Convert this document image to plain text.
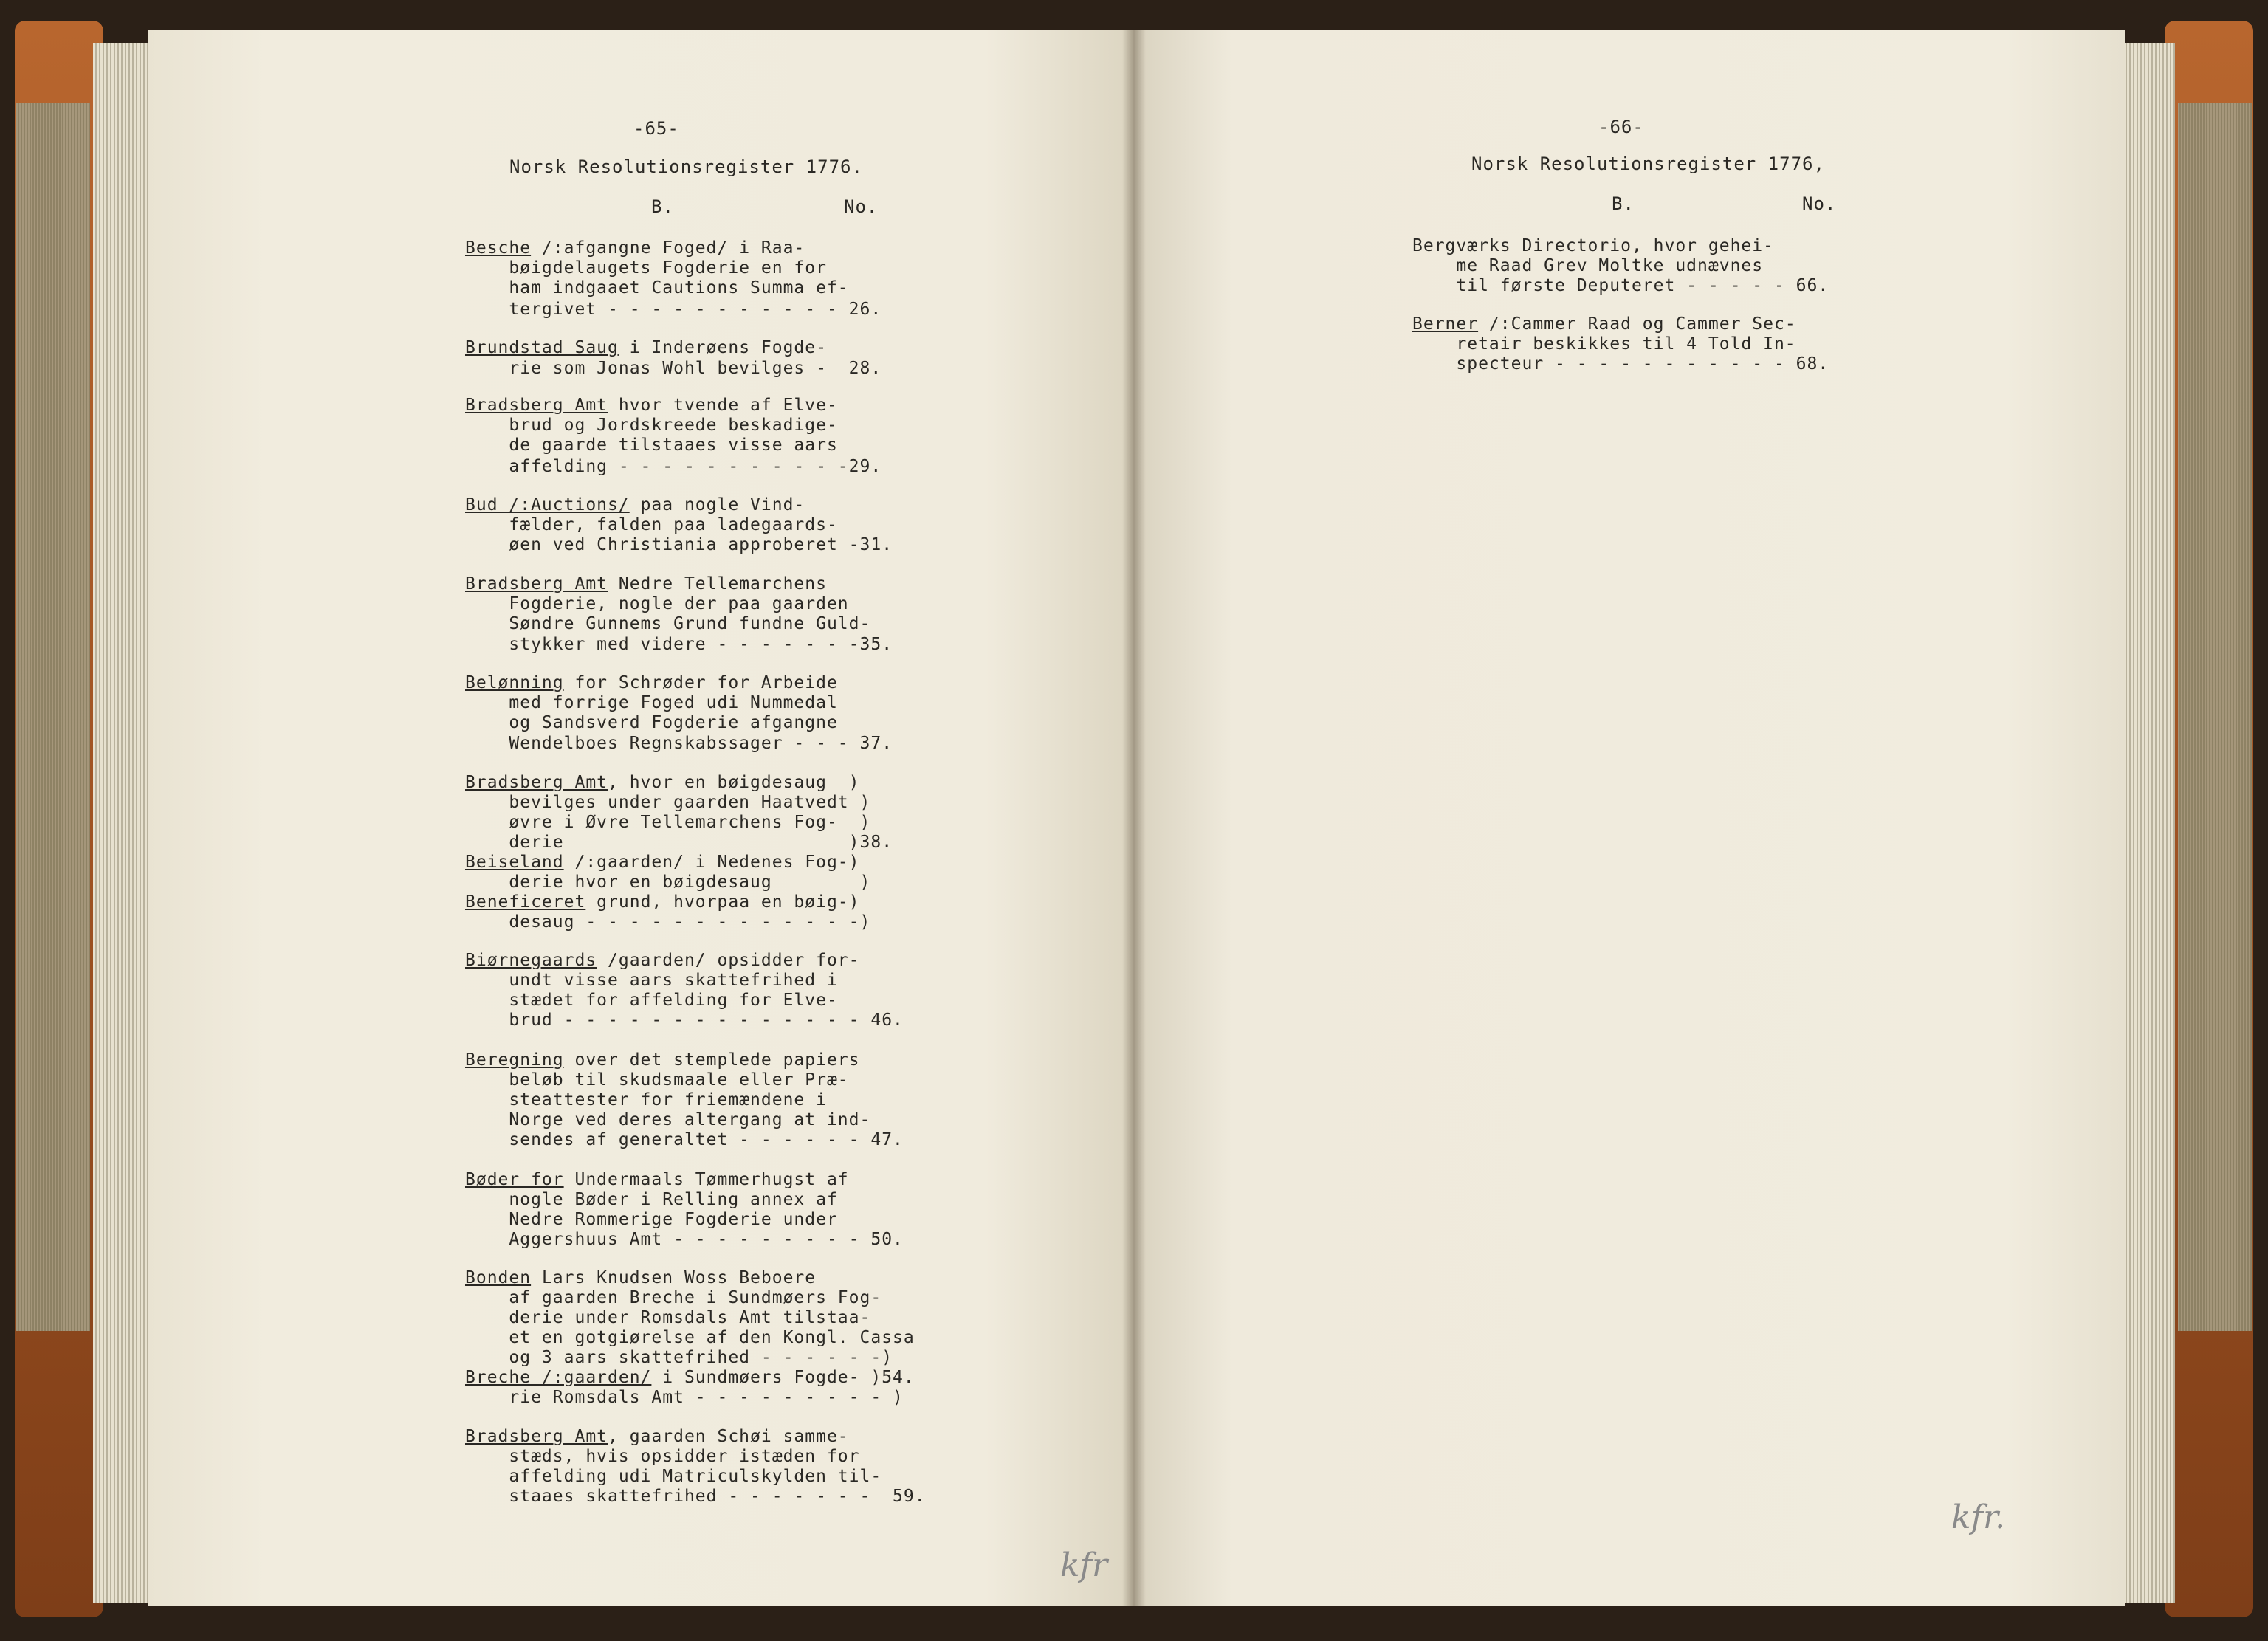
-65-
Norsk Resolutionsregister 1776.
B.	No.
kfr
Besche /:afgangne Foged/ i Raa-
bøigdelaugets Fogderie en for
ham indgaaet Cautions Summa ef-
tergivet - - - - - - - - - - - 26.
Brundstad Saug i Inderøens Fogde-
rie som Jonas Wohl bevilges -  28.
Bradsberg Amt hvor tvende af Elve-
brud og Jordskreede beskadige-
de gaarde tilstaaes visse aars
affelding - - - - - - - - - - -29.
Bud /:Auctions/ paa nogle Vind-
fælder, falden paa ladegaards-
øen ved Christiania approberet -31.
Bradsberg Amt Nedre Tellemarchens
Fogderie, nogle der paa gaarden
Søndre Gunnems Grund fundne Guld-
stykker med videre - - - - - - -35.
Belønning for Schrøder for Arbeide
med forrige Foged udi Nummedal
og Sandsverd Fogderie afgangne
Wendelboes Regnskabssager - - - 37.
Bradsberg Amt, hvor en bøigdesaug  )
bevilges under gaarden Haatvedt )
øvre i Øvre Tellemarchens Fog-  )
derie                          )38.
Beiseland /:gaarden/ i Nedenes Fog-)
derie hvor en bøigdesaug        )
Beneficeret grund, hvorpaa en bøig-)
desaug - - - - - - - - - - - - -)
Biørnegaards /gaarden/ opsidder for-
undt visse aars skattefrihed i
stædet for affelding for Elve-
brud - - - - - - - - - - - - - - 46.
Beregning over det stemplede papiers
beløb til skudsmaale eller Præ-
steattester for friemændene i
Norge ved deres altergang at ind-
sendes af generaltet - - - - - - 47.
Bøder for Undermaals Tømmerhugst af
nogle Bøder i Relling annex af
Nedre Rommerige Fogderie under
Aggershuus Amt - - - - - - - - - 50.
Bonden Lars Knudsen Woss Beboere
af gaarden Breche i Sundmøers Fog-
derie under Romsdals Amt tilstaa-
et en gotgiørelse af den Kongl. Cassa
og 3 aars skattefrihed - - - - - -)
Breche /:gaarden/ i Sundmøers Fogde- )54.
rie Romsdals Amt - - - - - - - - - )
Bradsberg Amt, gaarden Schøi samme-
stæds, hvis opsidder istæden for
affelding udi Matriculskylden til-
staaes skattefrihed - - - - - - -  59.
-66-
Norsk Resolutionsregister 1776,
B.	No.
kfr.
Bergværks Directorio, hvor gehei-
me Raad Grev Moltke udnævnes
til første Deputeret - - - - - 66.
Berner /:Cammer Raad og Cammer Sec-
retair beskikkes til 4 Told In-
specteur - - - - - - - - - - - 68.
